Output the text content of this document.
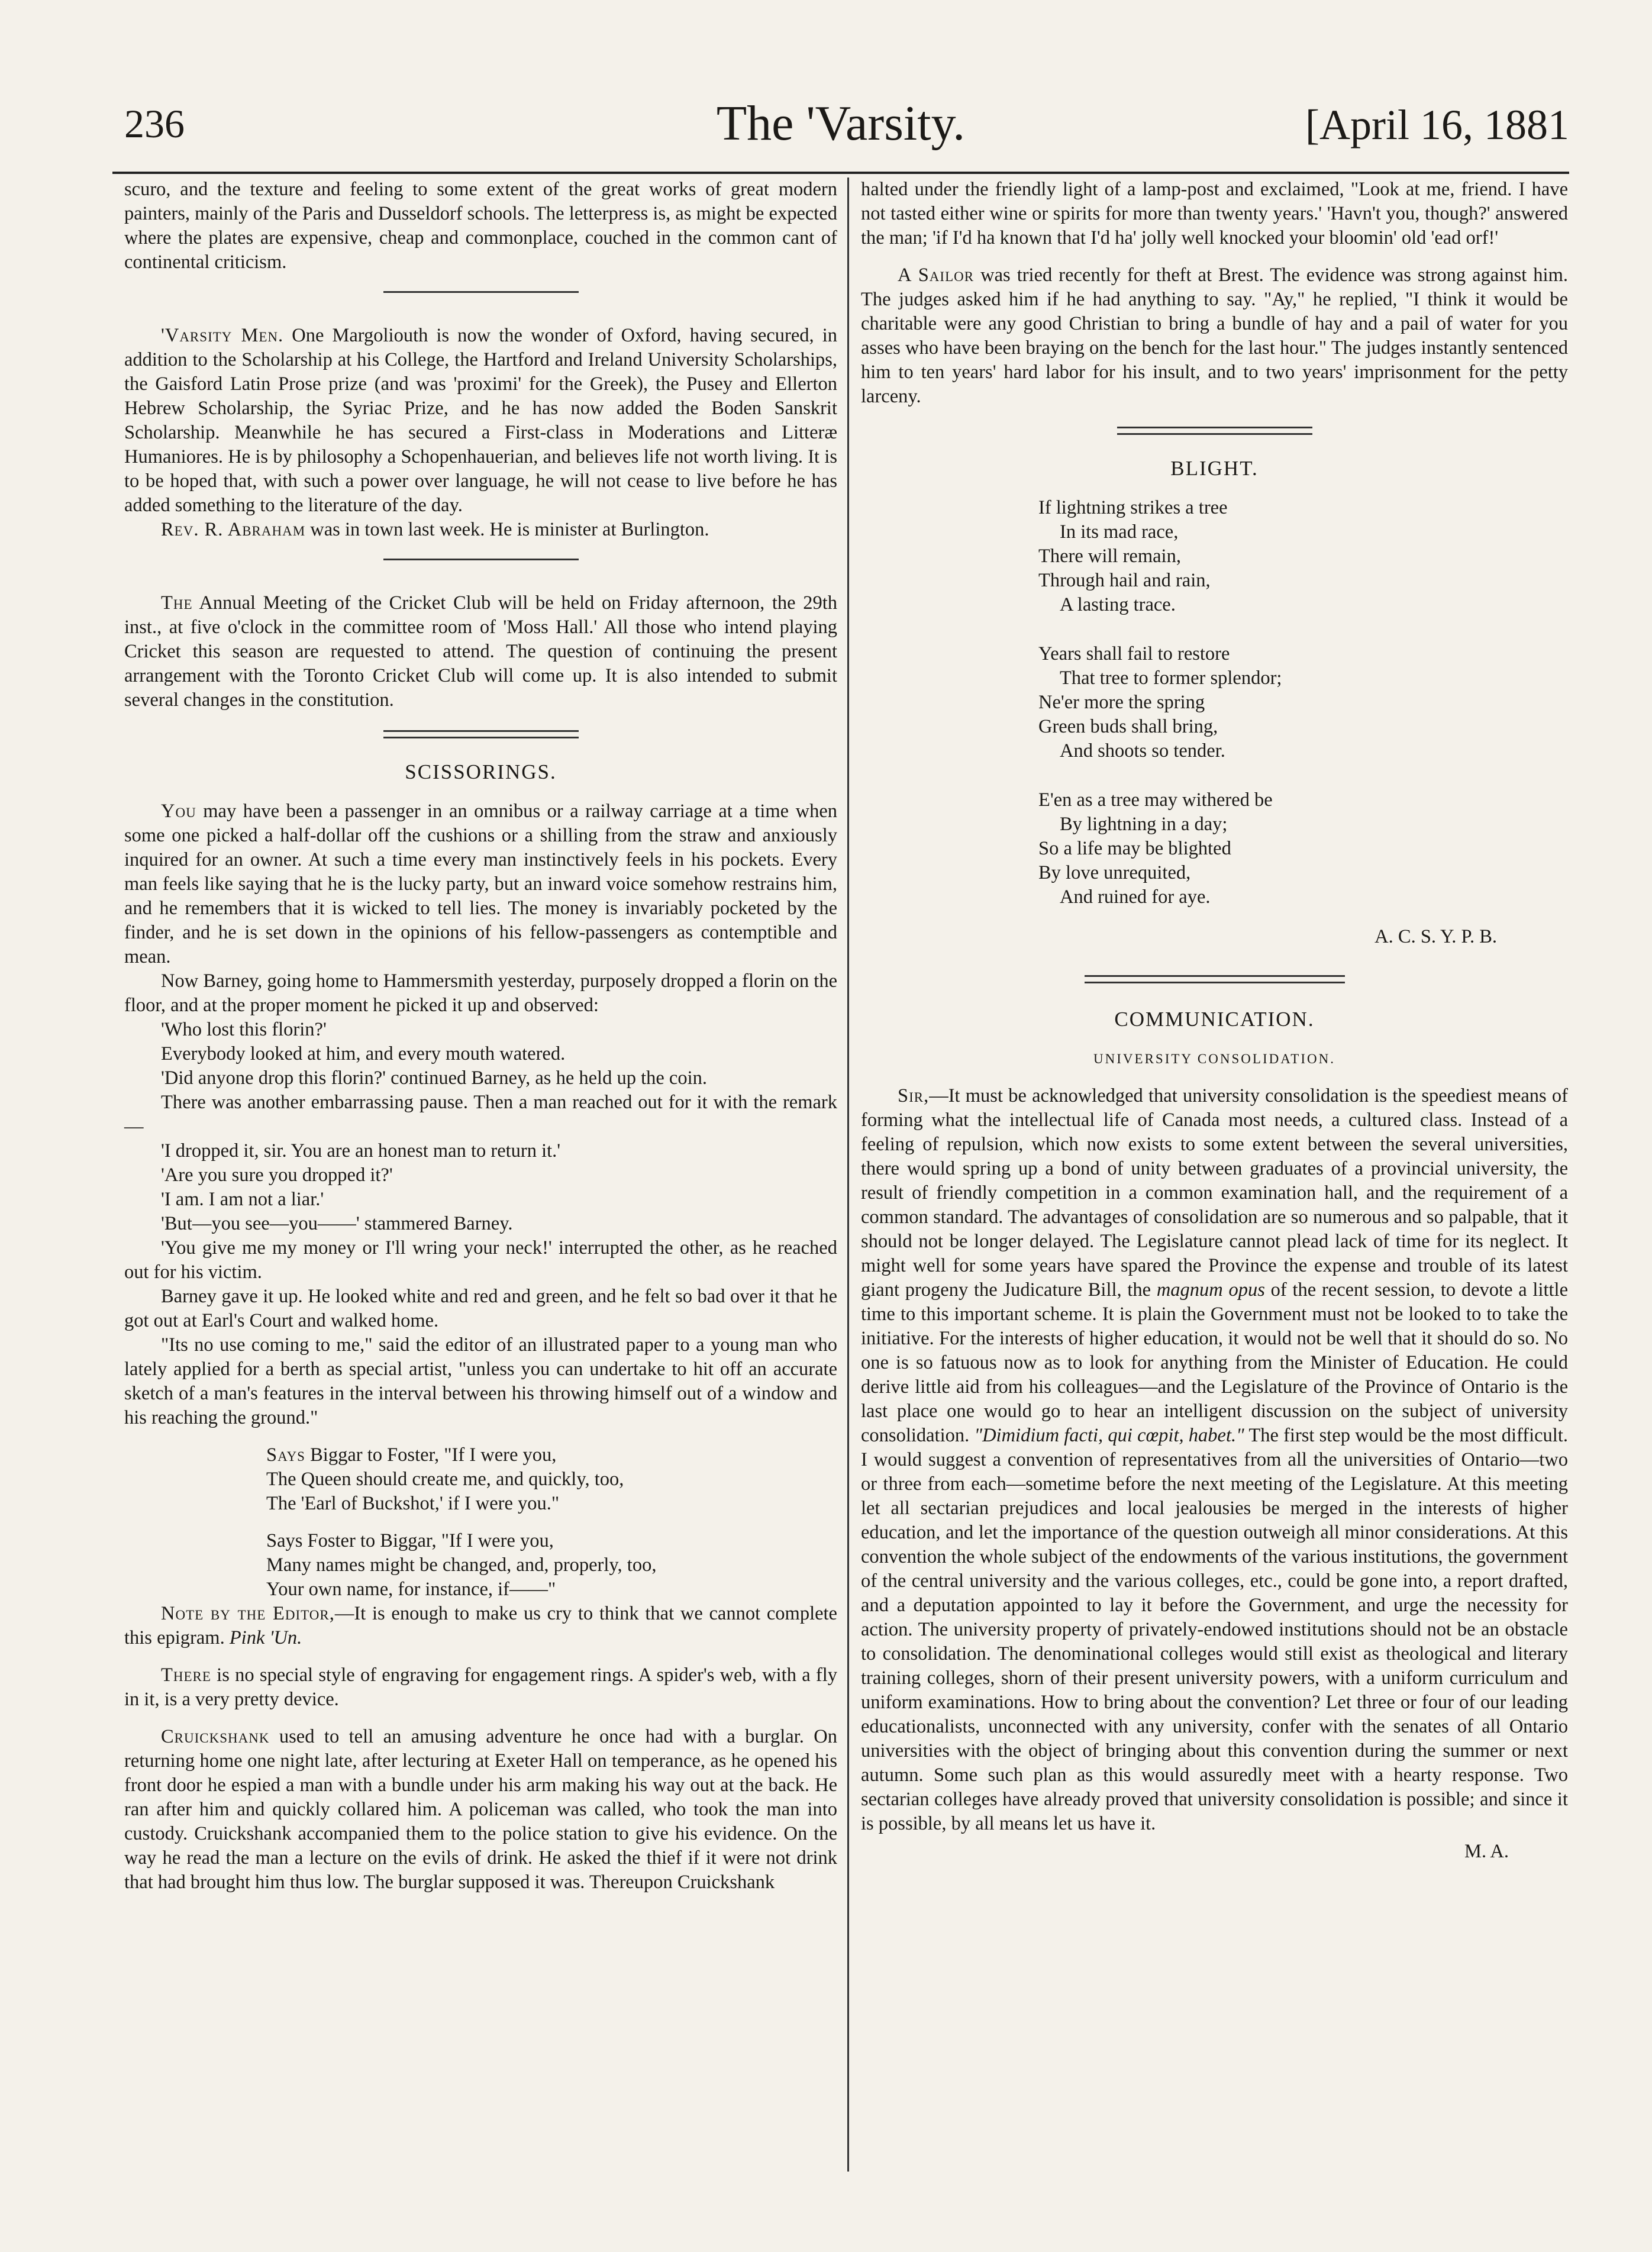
236	The 'Varsity.	[April 16, 1881

scuro, and the texture and feeling to some extent of the great works of great modern painters, mainly of the Paris and Dusseldorf schools. The letterpress is, as might be expected where the plates are expensive, cheap and commonplace, couched in the common cant of continental criticism.

'Varsity Men. One Margoliouth is now the wonder of Oxford, having secured, in addition to the Scholarship at his College, the Hartford and Ireland University Scholarships, the Gaisford Latin Prose prize (and was 'proximi' for the Greek), the Pusey and Ellerton Hebrew Scholarship, the Syriac Prize, and he has now added the Boden Sanskrit Scholarship. Meanwhile he has secured a First-class in Moderations and Litteræ Humaniores. He is by philosophy a Schopenhauerian, and believes life not worth living. It is to be hoped that, with such a power over language, he will not cease to live before he has added something to the literature of the day.

Rev. R. Abraham was in town last week. He is minister at Burlington.

The Annual Meeting of the Cricket Club will be held on Friday afternoon, the 29th inst., at five o'clock in the committee room of 'Moss Hall.' All those who intend playing Cricket this season are requested to attend. The question of continuing the present arrangement with the Toronto Cricket Club will come up. It is also intended to submit several changes in the constitution.

SCISSORINGS.

You may have been a passenger in an omnibus or a railway carriage at a time when some one picked a half-dollar off the cushions or a shilling from the straw and anxiously inquired for an owner. At such a time every man instinctively feels in his pockets. Every man feels like saying that he is the lucky party, but an inward voice somehow restrains him, and he remembers that it is wicked to tell lies. The money is invariably pocketed by the finder, and he is set down in the opinions of his fellow-passengers as contemptible and mean.

Now Barney, going home to Hammersmith yesterday, purposely dropped a florin on the floor, and at the proper moment he picked it up and observed:

'Who lost this florin?'

Everybody looked at him, and every mouth watered.

'Did anyone drop this florin?' continued Barney, as he held up the coin.

There was another embarrassing pause. Then a man reached out for it with the remark—

'I dropped it, sir. You are an honest man to return it.'

'Are you sure you dropped it?'

'I am. I am not a liar.'

'But—you see—you——' stammered Barney.

'You give me my money or I'll wring your neck!' interrupted the other, as he reached out for his victim.

Barney gave it up. He looked white and red and green, and he felt so bad over it that he got out at Earl's Court and walked home.

"Its no use coming to me," said the editor of an illustrated paper to a young man who lately applied for a berth as special artist, "unless you can undertake to hit off an accurate sketch of a man's features in the interval between his throwing himself out of a window and his reaching the ground."

Says Biggar to Foster, "If I were you,
The Queen should create me, and quickly, too,
The 'Earl of Buckshot,' if I were you."
Says Foster to Biggar, "If I were you,
Many names might be changed, and, properly, too,
Your own name, for instance, if——"

Note by the Editor,—It is enough to make us cry to think that we cannot complete this epigram. Pink 'Un.

There is no special style of engraving for engagement rings. A spider's web, with a fly in it, is a very pretty device.

Cruickshank used to tell an amusing adventure he once had with a burglar. On returning home one night late, after lecturing at Exeter Hall on temperance, as he opened his front door he espied a man with a bundle under his arm making his way out at the back. He ran after him and quickly collared him. A policeman was called, who took the man into custody. Cruickshank accompanied them to the police station to give his evidence. On the way he read the man a lecture on the evils of drink. He asked the thief if it were not drink that had brought him thus low. The burglar supposed it was. Thereupon Cruickshank

halted under the friendly light of a lamp-post and exclaimed, "Look at me, friend. I have not tasted either wine or spirits for more than twenty years.' 'Havn't you, though?' answered the man; 'if I'd ha known that I'd ha' jolly well knocked your bloomin' old 'ead orf!'

A Sailor was tried recently for theft at Brest. The evidence was strong against him. The judges asked him if he had anything to say. "Ay," he replied, "I think it would be charitable were any good Christian to bring a bundle of hay and a pail of water for you asses who have been braying on the bench for the last hour." The judges instantly sentenced him to ten years' hard labor for his insult, and to two years' imprisonment for the petty larceny.

BLIGHT.
If lightning strikes a tree
In its mad race,
There will remain,
Through hail and rain,
A lasting trace.
Years shall fail to restore
That tree to former splendor;
Ne'er more the spring
Green buds shall bring,
And shoots so tender.
E'en as a tree may withered be
By lightning in a day;
So a life may be blighted
By love unrequited,
And ruined for aye.
A. C. S. Y. P. B.
COMMUNICATION.
UNIVERSITY CONSOLIDATION.

Sir,—It must be acknowledged that university consolidation is the speediest means of forming what the intellectual life of Canada most needs, a cultured class. Instead of a feeling of repulsion, which now exists to some extent between the several universities, there would spring up a bond of unity between graduates of a provincial university, the result of friendly competition in a common examination hall, and the requirement of a common standard. The advantages of consolidation are so numerous and so palpable, that it should not be longer delayed. The Legislature cannot plead lack of time for its neglect. It might well for some years have spared the Province the expense and trouble of its latest giant progeny the Judicature Bill, the magnum opus of the recent session, to devote a little time to this important scheme. It is plain the Government must not be looked to to take the initiative. For the interests of higher education, it would not be well that it should do so. No one is so fatuous now as to look for anything from the Minister of Education. He could derive little aid from his colleagues—and the Legislature of the Province of Ontario is the last place one would go to hear an intelligent discussion on the subject of university consolidation. "Dimidium facti, qui cœpit, habet." The first step would be the most difficult. I would suggest a convention of representatives from all the universities of Ontario—two or three from each—sometime before the next meeting of the Legislature. At this meeting let all sectarian prejudices and local jealousies be merged in the interests of higher education, and let the importance of the question outweigh all minor considerations. At this convention the whole subject of the endowments of the various institutions, the government of the central university and the various colleges, etc., could be gone into, a report drafted, and a deputation appointed to lay it before the Government, and urge the necessity for action. The university property of privately-endowed institutions should not be an obstacle to consolidation. The denominational colleges would still exist as theological and literary training colleges, shorn of their present university powers, with a uniform curriculum and uniform examinations. How to bring about the convention? Let three or four of our leading educationalists, unconnected with any university, confer with the senates of all Ontario universities with the object of bringing about this convention during the summer or next autumn. Some such plan as this would assuredly meet with a hearty response. Two sectarian colleges have already proved that university consolidation is possible; and since it is possible, by all means let us have it.

M. A.
